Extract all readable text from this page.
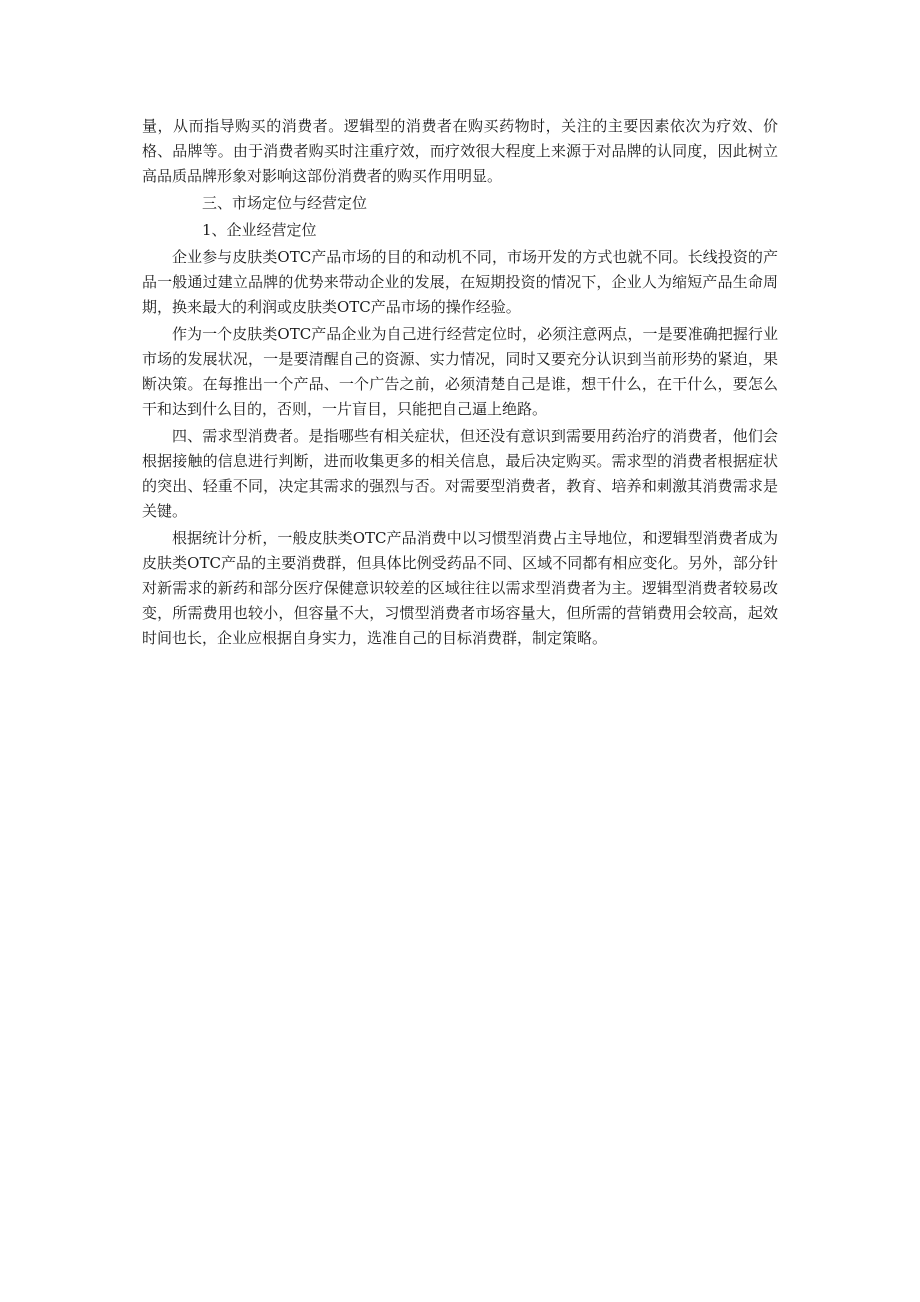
量，从而指导购买的消费者。逻辑型的消费者在购买药物时，关注的主要因素依次为疗效、价格、品牌等。由于消费者购买时注重疗效，而疗效很大程度上来源于对品牌的认同度，因此树立高品质品牌形象对影响这部份消费者的购买作用明显。

三、市场定位与经营定位

1、企业经营定位

企业参与皮肤类OTC产品市场的目的和动机不同，市场开发的方式也就不同。长线投资的产品一般通过建立品牌的优势来带动企业的发展，在短期投资的情况下，企业人为缩短产品生命周期，换来最大的利润或皮肤类OTC产品市场的操作经验。

作为一个皮肤类OTC产品企业为自己进行经营定位时，必须注意两点，一是要准确把握行业市场的发展状况，一是要清醒自己的资源、实力情况，同时又要充分认识到当前形势的紧迫，果断决策。在每推出一个产品、一个广告之前，必须清楚自己是谁，想干什么，在干什么，要怎么干和达到什么目的，否则，一片盲目，只能把自己逼上绝路。

四、需求型消费者。是指哪些有相关症状，但还没有意识到需要用药治疗的消费者，他们会根据接触的信息进行判断，进而收集更多的相关信息，最后决定购买。需求型的消费者根据症状的突出、轻重不同，决定其需求的强烈与否。对需要型消费者，教育、培养和刺激其消费需求是关键。

根据统计分析，一般皮肤类OTC产品消费中以习惯型消费占主导地位，和逻辑型消费者成为皮肤类OTC产品的主要消费群，但具体比例受药品不同、区域不同都有相应变化。另外，部分针对新需求的新药和部分医疗保健意识较差的区域往往以需求型消费者为主。逻辑型消费者较易改变，所需费用也较小，但容量不大，习惯型消费者市场容量大，但所需的营销费用会较高，起效时间也长，企业应根据自身实力，选准自己的目标消费群，制定策略。
